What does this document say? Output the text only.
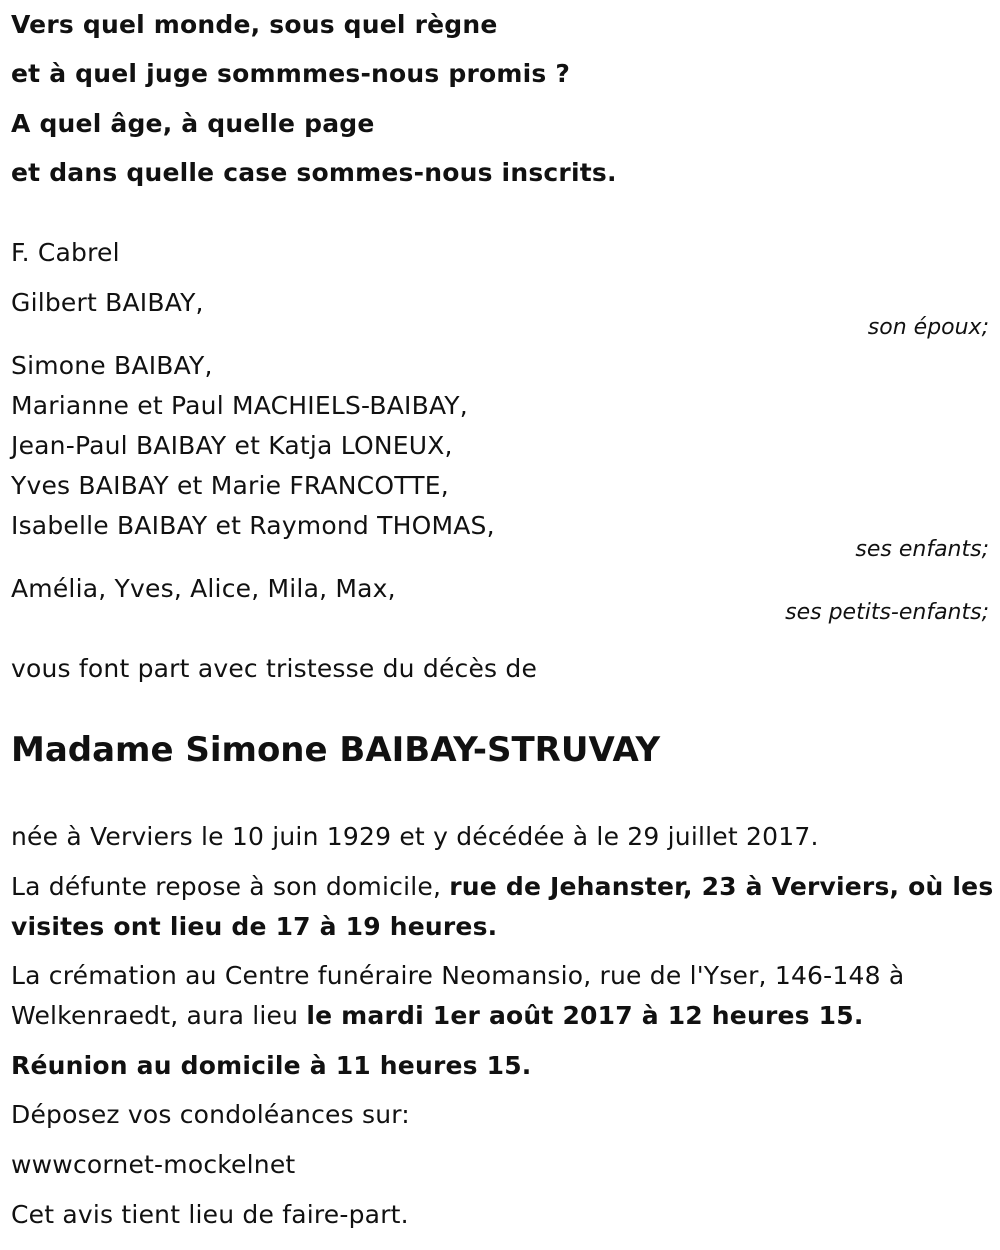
Vers quel monde, sous quel règne
et à quel juge sommmes-nous promis ?
A quel âge, à quelle page
et dans quelle case sommes-nous inscrits.
F. Cabrel
Gilbert BAIBAY,
son époux;
Simone BAIBAY,
Marianne et Paul MACHIELS-BAIBAY,
Jean-Paul BAIBAY et Katja LONEUX,
Yves BAIBAY et Marie FRANCOTTE,
Isabelle BAIBAY et Raymond THOMAS,
ses enfants;
Amélia, Yves, Alice, Mila, Max,
ses petits-enfants;
vous font part avec tristesse du décès de
Madame Simone BAIBAY-STRUVAY
née à Verviers le 10 juin 1929 et y décédée à le 29 juillet 2017.
La défunte repose à son domicile, rue de Jehanster, 23 à Verviers, où les
visites ont lieu de 17 à 19 heures.
La crémation au Centre funéraire Neomansio, rue de l'Yser, 146-148 à
Welkenraedt, aura lieu le mardi 1er août 2017 à 12 heures 15.
Réunion au domicile à 11 heures 15.
Déposez vos condoléances sur:
wwwcornet-mockelnet
Cet avis tient lieu de faire-part.
